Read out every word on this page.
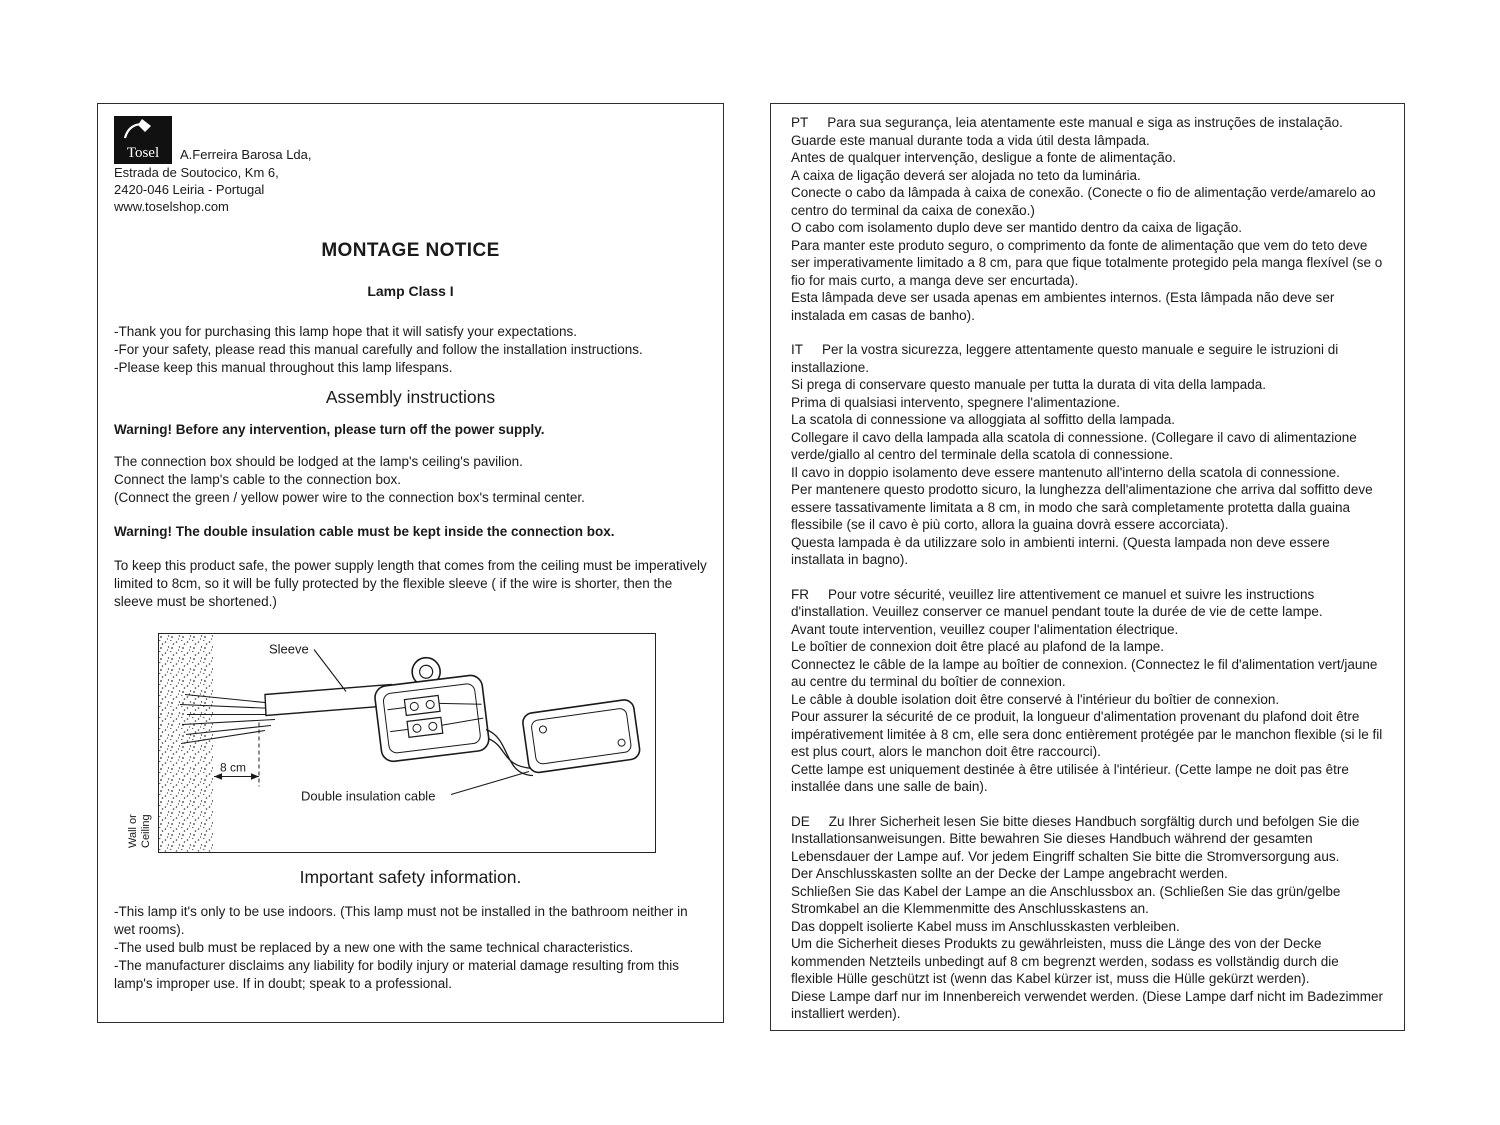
Tosel A.Ferreira Barosa Lda,
Estrada de Soutocico, Km 6,
2420-046 Leiria - Portugal
www.toselshop.com
MONTAGE NOTICE
Lamp Class I
-Thank you for purchasing this lamp hope that it will satisfy your expectations.
-For your safety, please read this manual carefully and follow the installation instructions.
-Please keep this manual throughout this lamp lifespans.
Assembly instructions
Warning! Before any intervention, please turn off the power supply.
The connection box should be lodged at the lamp's ceiling's pavilion.
Connect the lamp's cable to the connection box.
(Connect the green / yellow power wire to the connection box's terminal center.
Warning! The double insulation cable must be kept inside the connection box.
To keep this product safe, the power supply length that comes from the ceiling must be imperatively limited to 8cm, so it will be fully protected by the flexible sleeve ( if the wire is shorter, then the sleeve must be shortened.)
Sleeve
8 cm
Double insulation cable
Wall or Ceiling
Important safety information.
-This lamp it's only to be use indoors. (This lamp must not be installed in the bathroom neither in wet rooms).
-The used bulb must be replaced by a new one with the same technical characteristics.
-The manufacturer disclaims any liability for bodily injury or material damage resulting from this lamp's improper use. If in doubt; speak to a professional.
PT Para sua segurança, leia atentamente este manual e siga as instruções de instalação.
Guarde este manual durante toda a vida útil desta lâmpada.
Antes de qualquer intervenção, desligue a fonte de alimentação.
A caixa de ligação deverá ser alojada no teto da luminária.
Conecte o cabo da lâmpada à caixa de conexão. (Conecte o fio de alimentação verde/amarelo ao centro do terminal da caixa de conexão.)
O cabo com isolamento duplo deve ser mantido dentro da caixa de ligação.
Para manter este produto seguro, o comprimento da fonte de alimentação que vem do teto deve ser imperativamente limitado a 8 cm, para que fique totalmente protegido pela manga flexível (se o fio for mais curto, a manga deve ser encurtada).
Esta lâmpada deve ser usada apenas em ambientes internos. (Esta lâmpada não deve ser instalada em casas de banho).
IT Per la vostra sicurezza, leggere attentamente questo manuale e seguire le istruzioni di installazione.
Si prega di conservare questo manuale per tutta la durata di vita della lampada.
Prima di qualsiasi intervento, spegnere l'alimentazione.
La scatola di connessione va alloggiata al soffitto della lampada.
Collegare il cavo della lampada alla scatola di connessione. (Collegare il cavo di alimentazione verde/giallo al centro del terminale della scatola di connessione.
Il cavo in doppio isolamento deve essere mantenuto all'interno della scatola di connessione.
Per mantenere questo prodotto sicuro, la lunghezza dell'alimentazione che arriva dal soffitto deve essere tassativamente limitata a 8 cm, in modo che sarà completamente protetta dalla guaina flessibile (se il cavo è più corto, allora la guaina dovrà essere accorciata).
Questa lampada è da utilizzare solo in ambienti interni. (Questa lampada non deve essere installata in bagno).
FR Pour votre sécurité, veuillez lire attentivement ce manuel et suivre les instructions d'installation. Veuillez conserver ce manuel pendant toute la durée de vie de cette lampe.
Avant toute intervention, veuillez couper l'alimentation électrique.
Le boîtier de connexion doit être placé au plafond de la lampe.
Connectez le câble de la lampe au boîtier de connexion. (Connectez le fil d'alimentation vert/jaune au centre du terminal du boîtier de connexion.
Le câble à double isolation doit être conservé à l'intérieur du boîtier de connexion.
Pour assurer la sécurité de ce produit, la longueur d'alimentation provenant du plafond doit être impérativement limitée à 8 cm, elle sera donc entièrement protégée par le manchon flexible (si le fil est plus court, alors le manchon doit être raccourci).
Cette lampe est uniquement destinée à être utilisée à l'intérieur. (Cette lampe ne doit pas être installée dans une salle de bain).
DE Zu Ihrer Sicherheit lesen Sie bitte dieses Handbuch sorgfältig durch und befolgen Sie die Installationsanweisungen. Bitte bewahren Sie dieses Handbuch während der gesamten Lebensdauer der Lampe auf. Vor jedem Eingriff schalten Sie bitte die Stromversorgung aus.
Der Anschlusskasten sollte an der Decke der Lampe angebracht werden.
Schließen Sie das Kabel der Lampe an die Anschlussbox an. (Schließen Sie das grün/gelbe Stromkabel an die Klemmenmitte des Anschlusskastens an.
Das doppelt isolierte Kabel muss im Anschlusskasten verbleiben.
Um die Sicherheit dieses Produkts zu gewährleisten, muss die Länge des von der Decke kommenden Netzteils unbedingt auf 8 cm begrenzt werden, sodass es vollständig durch die flexible Hülle geschützt ist (wenn das Kabel kürzer ist, muss die Hülle gekürzt werden).
Diese Lampe darf nur im Innenbereich verwendet werden. (Diese Lampe darf nicht im Badezimmer installiert werden).
